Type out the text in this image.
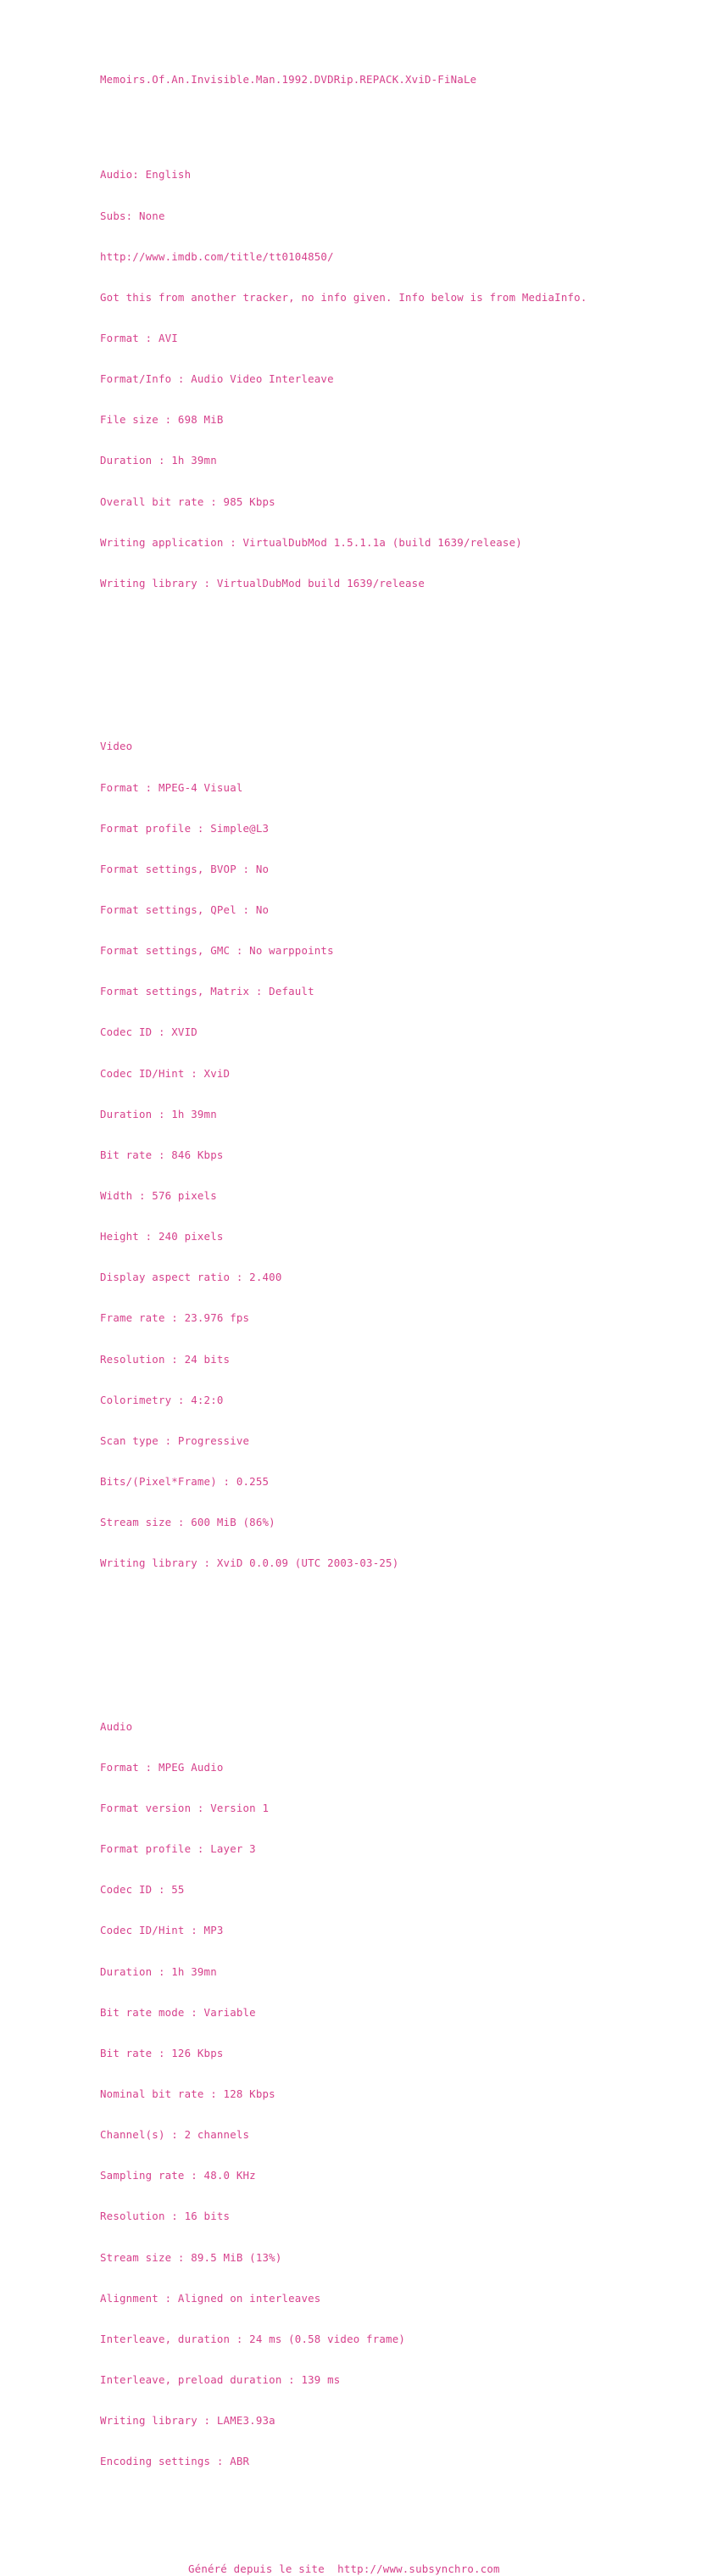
Memoirs.Of.An.Invisible.Man.1992.DVDRip.REPACK.XviD-FiNaLe

Audio: English

Subs: None

http://www.imdb.com/title/tt0104850/

Got this from another tracker, no info given. Info below is from MediaInfo.

Format : AVI

Format/Info : Audio Video Interleave

File size : 698 MiB

Duration : 1h 39mn

Overall bit rate : 985 Kbps

Writing application : VirtualDubMod 1.5.1.1a (build 1639/release)

Writing library : VirtualDubMod build 1639/release

Video

Format : MPEG-4 Visual

Format profile : Simple@L3

Format settings, BVOP : No

Format settings, QPel : No

Format settings, GMC : No warppoints

Format settings, Matrix : Default

Codec ID : XVID

Codec ID/Hint : XviD

Duration : 1h 39mn

Bit rate : 846 Kbps

Width : 576 pixels

Height : 240 pixels

Display aspect ratio : 2.400

Frame rate : 23.976 fps

Resolution : 24 bits

Colorimetry : 4:2:0

Scan type : Progressive

Bits/(Pixel*Frame) : 0.255

Stream size : 600 MiB (86%)

Writing library : XviD 0.0.09 (UTC 2003-03-25)

Audio

Format : MPEG Audio

Format version : Version 1

Format profile : Layer 3

Codec ID : 55

Codec ID/Hint : MP3

Duration : 1h 39mn

Bit rate mode : Variable

Bit rate : 126 Kbps

Nominal bit rate : 128 Kbps

Channel(s) : 2 channels

Sampling rate : 48.0 KHz

Resolution : 16 bits

Stream size : 89.5 MiB (13%)

Alignment : Aligned on interleaves

Interleave, duration : 24 ms (0.58 video frame)

Interleave, preload duration : 139 ms

Writing library : LAME3.93a

Encoding settings : ABR

Généré depuis le site  http://www.subsynchro.com
